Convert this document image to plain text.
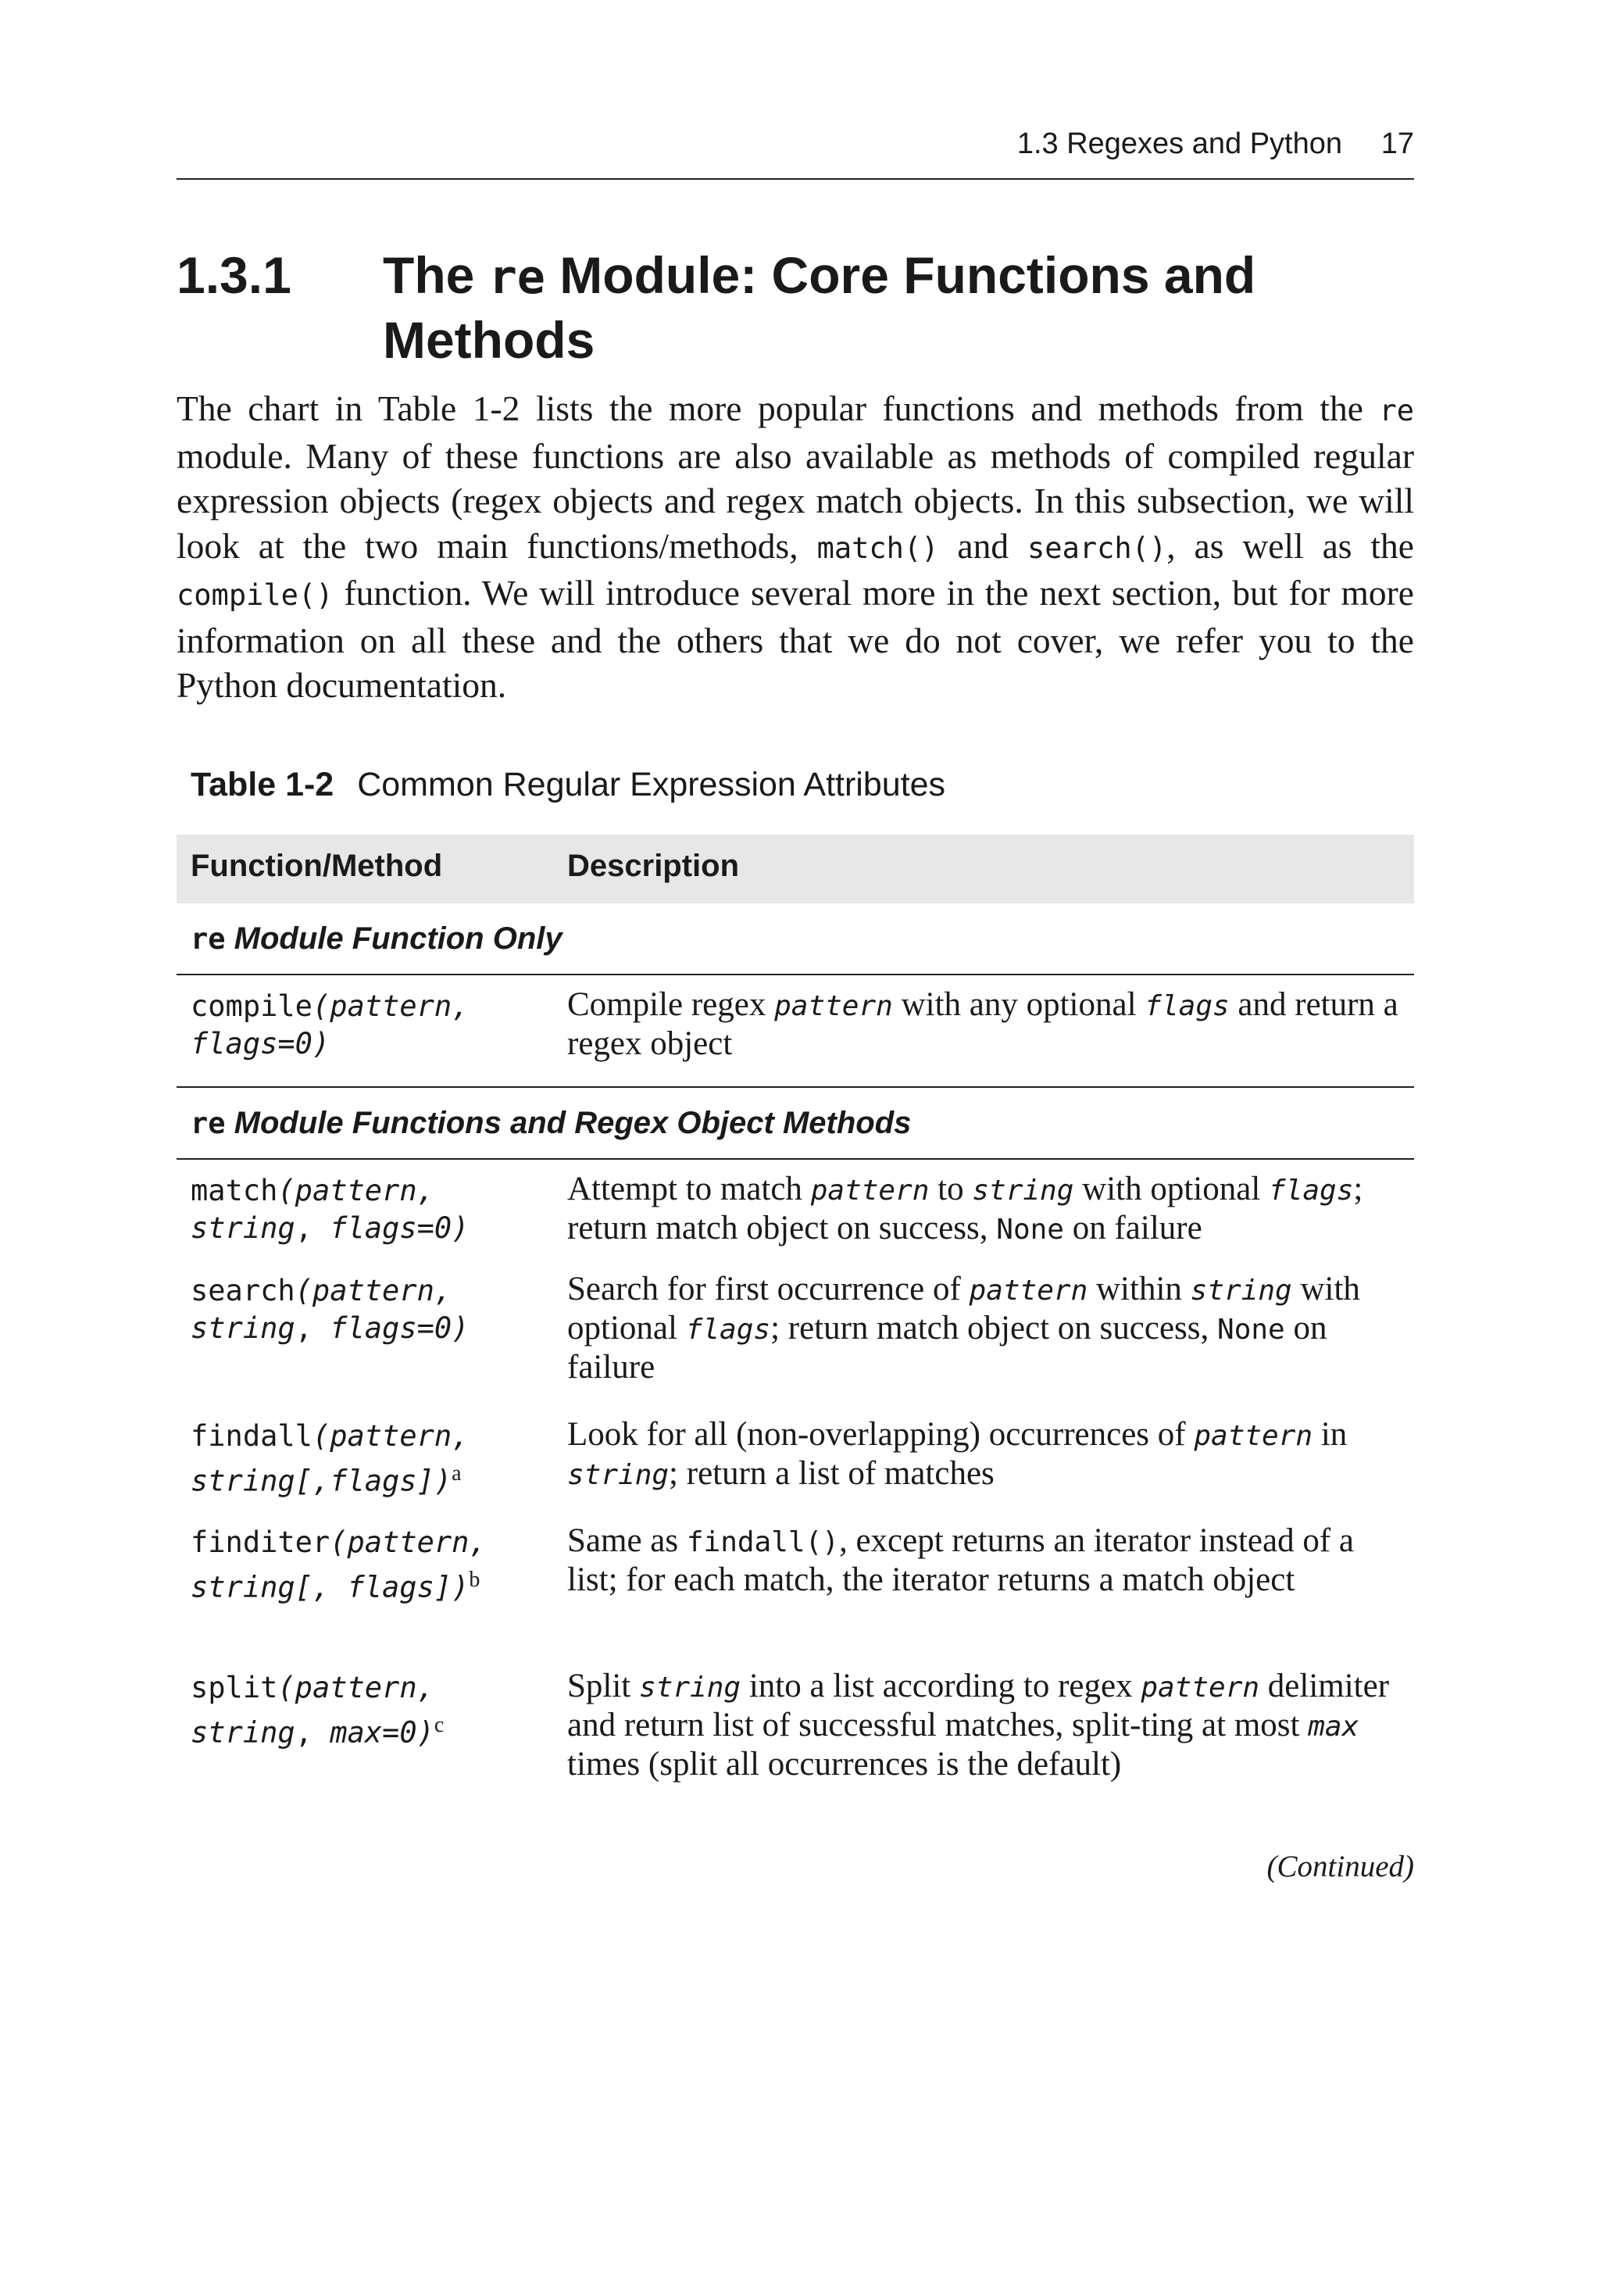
1.3 Regexes and Python 17
1.3.1 The re Module: Core Functions and Methods
The chart in Table 1-2 lists the more popular functions and methods from the re module. Many of these functions are also available as methods of compiled regular expression objects (regex objects and regex match objects. In this subsection, we will look at the two main functions/methods, match() and search(), as well as the compile() function. We will introduce several more in the next section, but for more information on all these and the others that we do not cover, we refer you to the Python documentation.
Table 1-2 Common Regular Expression Attributes
Function/Method	Description
re Module Function Only
compile(pattern, flags=0)
Compile regex pattern with any optional flags and return a regex object
re Module Functions and Regex Object Methods
match(pattern,
string, flags=0)
Attempt to match pattern to string with optional flags; return match object on success, None on failure
search(pattern,
string, flags=0)
Search for first occurrence of pattern within string with optional flags; return match object on success, None on failure
findall(pattern,
string[,flags])$^a$
Look for all (non-overlapping) occurrences of pattern in string; return a list of matches
finditer(pattern,
string[, flags])$^b$
Same as findall(), except returns an iterator instead of a list; for each match, the iterator returns a match object
split(pattern,
string, max=0)$^c$
Split string into a list according to regex pattern delimiter and return list of successful matches, split-ting at most max times (split all occurrences is the default)
(Continued)
